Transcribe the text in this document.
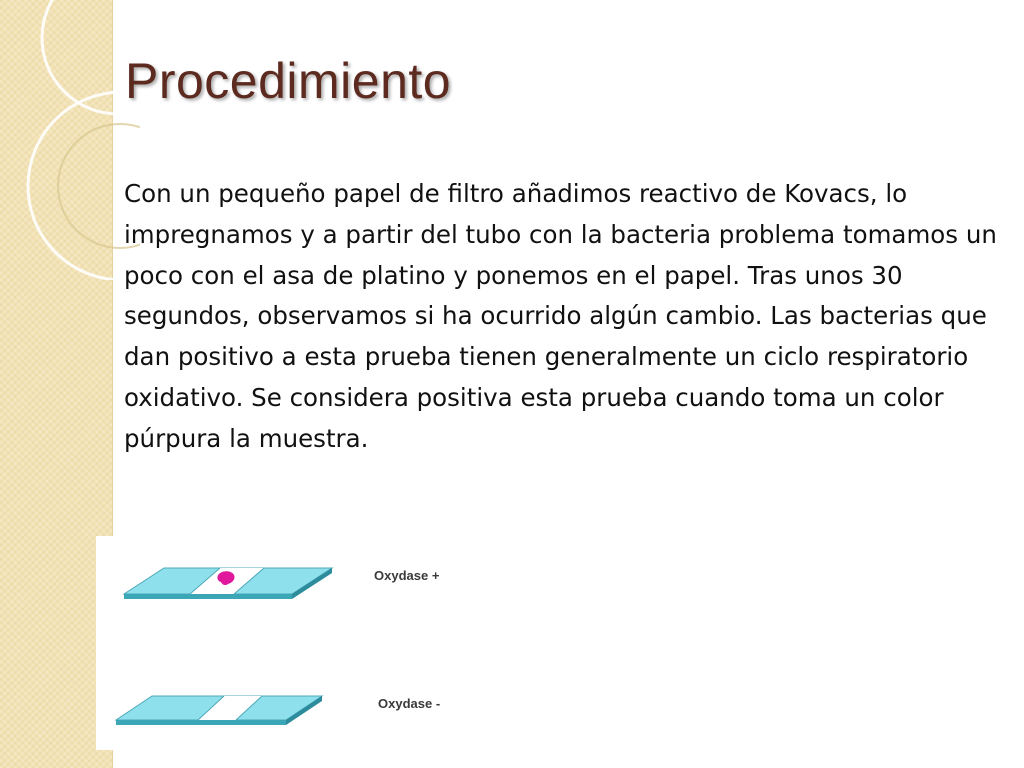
Procedimiento

Con un pequeño papel de filtro añadimos reactivo de Kovacs, lo impregnamos y a partir del tubo con la bacteria problema tomamos un poco con el asa de platino y ponemos en el papel. Tras unos 30 segundos, observamos si ha ocurrido algún cambio. Las bacterias que dan positivo a esta prueba tienen generalmente un ciclo respiratorio oxidativo. Se considera positiva esta prueba cuando toma un color púrpura la muestra.

Oxydase +
Oxydase -
